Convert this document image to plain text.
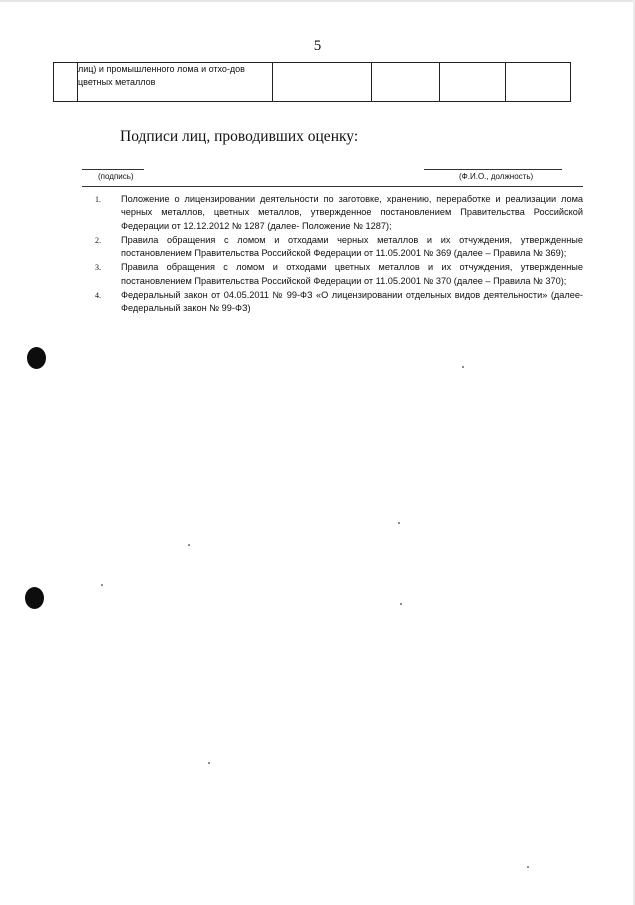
5
	лиц) и промышленного лома и отхо-дов цветных металлов				
Подписи лиц, проводивших оценку:
(подпись)	(Ф.И.О., должность)
1.	Положение о лицензировании деятельности по заготовке, хранению, переработке и реализации лома черных металлов, цветных металлов, утвержденное постановлением Правительства Российской Федерации от 12.12.2012 № 1287 (далее- Положение № 1287);
2.	Правила обращения с ломом и отходами черных металлов и их отчуждения, утвержденные постановлением Правительства Российской Федерации от 11.05.2001 № 369 (далее – Правила № 369);
3.	Правила обращения с ломом и отходами цветных металлов и их отчуждения, утвержденные постановлением Правительства Российской Федерации от 11.05.2001 № 370 (далее – Правила № 370);
4.	Федеральный закон от 04.05.2011 № 99-ФЗ «О лицензировании отдельных видов деятельности» (далее- Федеральный закон № 99-ФЗ)
